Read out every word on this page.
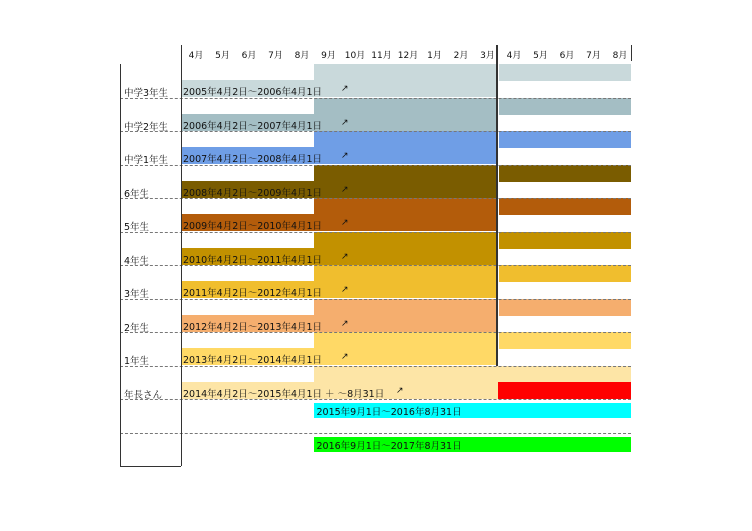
4月	5月	6月	7月	8月	9月 10月 11月 12月 1月	2月	3月	4月	5月	6月	7月	8月
中学3年生 2005年4月2日～2006年4月1日 ↗
中学2年生 2006年4月2日～2007年4月1日 ↗
中学1年生 2007年4月2日～2008年4月1日 ↗
6年生	2008年4月2日～2009年4月1日 ↗
5年生	2009年4月2日～2010年4月1日 ↗
4年生	2010年4月2日～2011年4月1日 ↗
3年生	2011年4月2日～2012年4月1日 ↗
2年生	2012年4月2日～2013年4月1日 ↗
1年生	2013年4月2日～2014年4月1日 ↗
年長さん 2014年4月2日～2015年4月1日 ＋ ～8月31日 ↗
2015年9月1日～2016年8月31日
2016年9月1日～2017年8月31日
